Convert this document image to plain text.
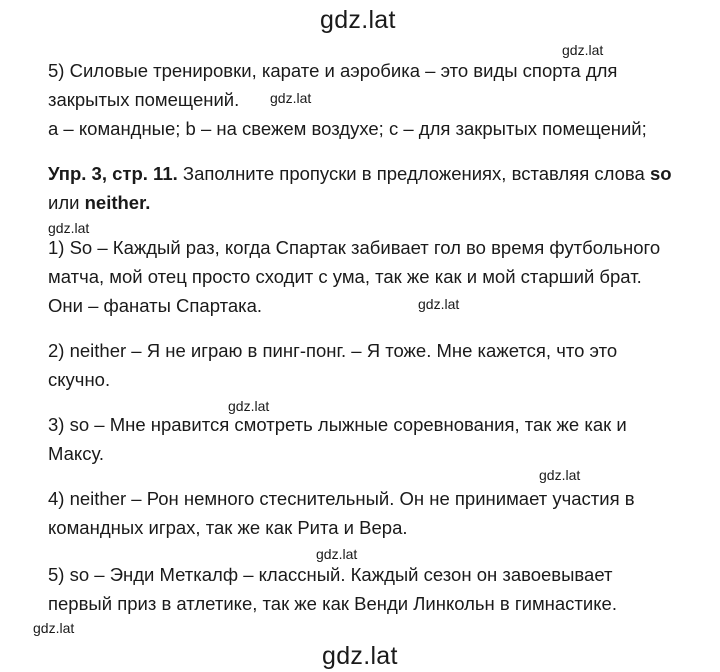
gdz.lat
gdz.lat
gdz.lat
gdz.lat
gdz.lat
gdz.lat
gdz.lat
gdz.lat
gdz.lat
5) Силовые тренировки, карате и аэробика – это виды спорта для
закрытых помещений.
a – командные; b – на свежем воздухе; c – для закрытых помещений;
Упр. 3, стр. 11. Заполните пропуски в предложениях, вставляя слова so
или neither.
1) So – Каждый раз, когда Спартак забивает гол во время футбольного
матча, мой отец просто сходит с ума, так же как и мой старший брат.
Они – фанаты Спартака.
2) neither – Я не играю в пинг-понг. – Я тоже. Мне кажется, что это
скучно.
3) so – Мне нравится смотреть лыжные соревнования, так же как и
Максу.
4) neither – Рон немного стеснительный. Он не принимает участия в
командных играх, так же как Рита и Вера.
5) so – Энди Меткалф – классный. Каждый сезон он завоевывает
первый приз в атлетике, так же как Венди Линкольн в гимнастике.
gdz.lat
